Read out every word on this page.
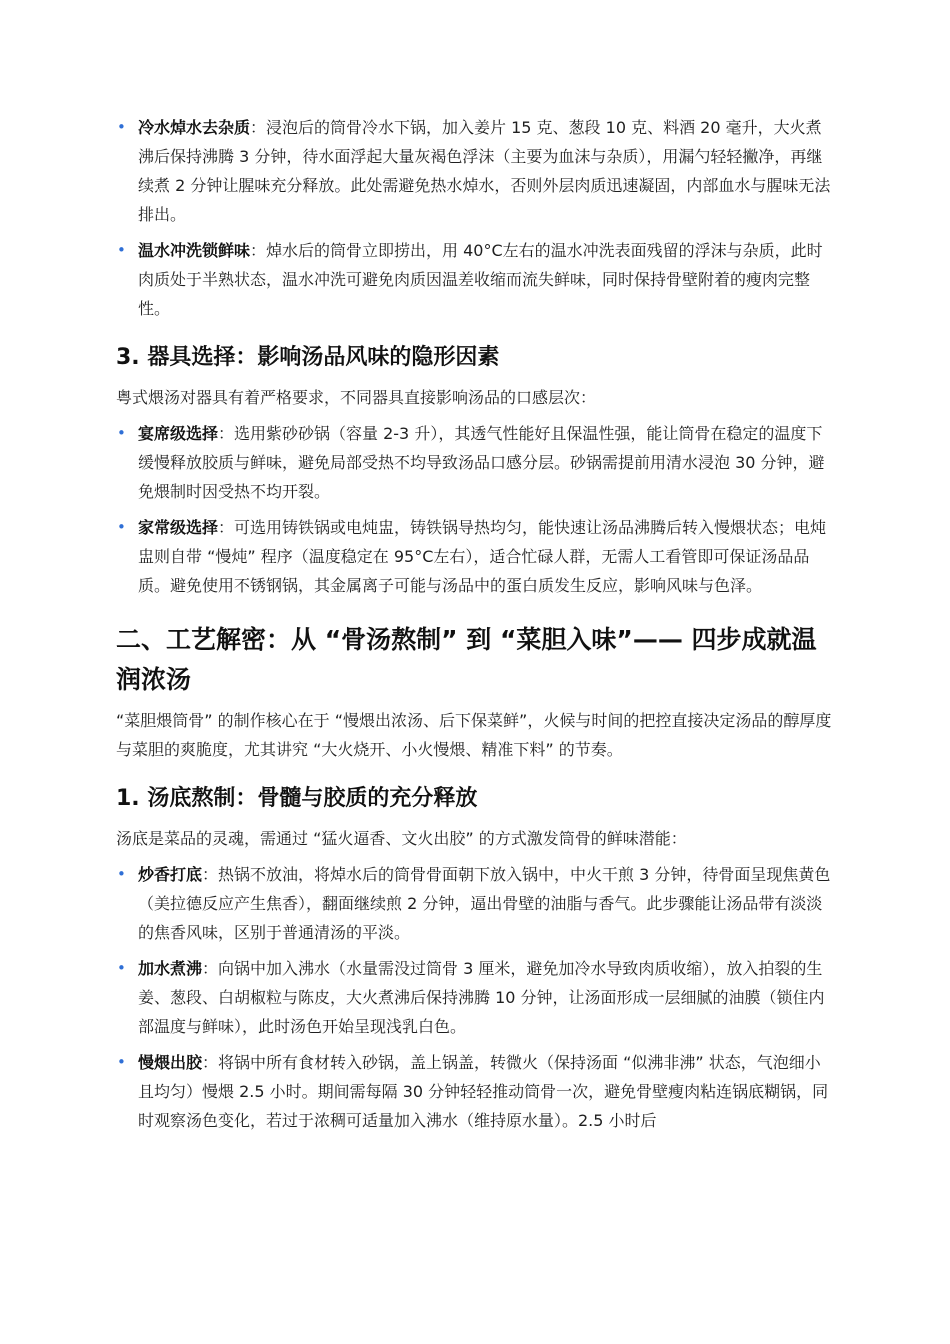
• 冷水焯水去杂质：浸泡后的筒骨冷水下锅，加入姜片 15 克、葱段 10 克、料酒 20 毫升，大火煮沸后保持沸腾 3 分钟，待水面浮起大量灰褐色浮沫（主要为血沫与杂质），用漏勺轻轻撇净，再继续煮 2 分钟让腥味充分释放。此处需避免热水焯水，否则外层肉质迅速凝固，内部血水与腥味无法排出。
• 温水冲洗锁鲜味：焯水后的筒骨立即捞出，用 40°C左右的温水冲洗表面残留的浮沫与杂质，此时肉质处于半熟状态，温水冲洗可避免肉质因温差收缩而流失鲜味，同时保持骨壁附着的瘦肉完整性。
3. 器具选择：影响汤品风味的隐形因素

粤式煨汤对器具有着严格要求，不同器具直接影响汤品的口感层次：

• 宴席级选择：选用紫砂砂锅（容量 2-3 升），其透气性能好且保温性强，能让筒骨在稳定的温度下缓慢释放胶质与鲜味，避免局部受热不均导致汤品口感分层。砂锅需提前用清水浸泡 30 分钟，避免煨制时因受热不均开裂。
• 家常级选择：可选用铸铁锅或电炖盅，铸铁锅导热均匀，能快速让汤品沸腾后转入慢煨状态；电炖盅则自带 “慢炖” 程序（温度稳定在 95°C左右），适合忙碌人群，无需人工看管即可保证汤品品质。避免使用不锈钢锅，其金属离子可能与汤品中的蛋白质发生反应，影响风味与色泽。
二、工艺解密：从 “骨汤熬制” 到 “菜胆入味”—— 四步成就温润浓汤

“菜胆煨筒骨” 的制作核心在于 “慢煨出浓汤、后下保菜鲜”，火候与时间的把控直接决定汤品的醇厚度与菜胆的爽脆度，尤其讲究 “大火烧开、小火慢煨、精准下料” 的节奏。

1. 汤底熬制：骨髓与胶质的充分释放

汤底是菜品的灵魂，需通过 “猛火逼香、文火出胶” 的方式激发筒骨的鲜味潜能：

• 炒香打底：热锅不放油，将焯水后的筒骨骨面朝下放入锅中，中火干煎 3 分钟，待骨面呈现焦黄色（美拉德反应产生焦香），翻面继续煎 2 分钟，逼出骨壁的油脂与香气。此步骤能让汤品带有淡淡的焦香风味，区别于普通清汤的平淡。
• 加水煮沸：向锅中加入沸水（水量需没过筒骨 3 厘米，避免加冷水导致肉质收缩），放入拍裂的生姜、葱段、白胡椒粒与陈皮，大火煮沸后保持沸腾 10 分钟，让汤面形成一层细腻的油膜（锁住内部温度与鲜味），此时汤色开始呈现浅乳白色。
• 慢煨出胶：将锅中所有食材转入砂锅，盖上锅盖，转微火（保持汤面 “似沸非沸” 状态，气泡细小且均匀）慢煨 2.5 小时。期间需每隔 30 分钟轻轻推动筒骨一次，避免骨壁瘦肉粘连锅底糊锅，同时观察汤色变化，若过于浓稠可适量加入沸水（维持原水量）。2.5 小时后
